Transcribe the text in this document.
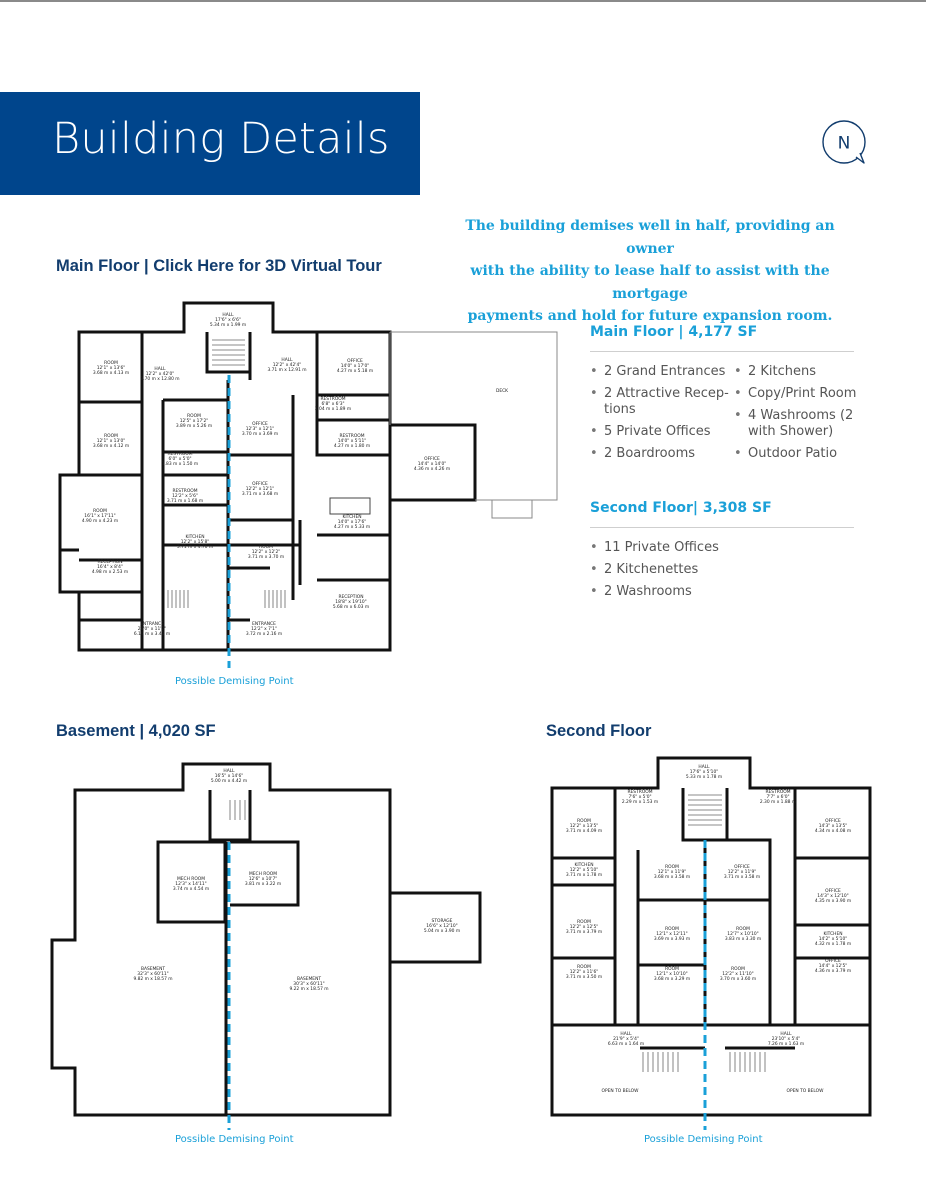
Building Details	N
The building demises well in half, providing an owner
with the ability to lease half to assist with the mortgage
payments and hold for future expansion room.
Main Floor | Click Here for 3D Virtual Tour
HALL
17'6" x 6'6"
5.34 m x 1.99 m
ROOM
12'1" x 13'6"
3.68 m x 4.13 m
HALL
12'2" x 42'0"
3.70 m x 12.80 m
HALL
12'2" x 42'4"
3.71 m x 12.91 m
OFFICE
14'0" x 17'0"
4.27 m x 5.18 m
DECK
RESTROOM
6'8" x 6'3"
2.04 m x 1.89 m
ROOM
12'1" x 13'0"
3.68 m x 4.12 m
ROOM
12'5" x 17'2"
3.89 m x 5.26 m	OFFICE
12'3" x 12'1"
3.70 m x 3.69 m	RESTROOM
14'0" x 5'11"
4.27 m x 1.80 m
OFFICE
14'4" x 14'0"
4.36 m x 4.26 m
RESTROOM
6'0" x 5'0"
1.83 m x 1.50 m
RESTROOM
12'2" x 5'6"
3.71 m x 1.68 m
OFFICE
12'2" x 12'1"
3.71 m x 3.68 m
ROOM
16'1" x 17'11"
4.90 m x 4.23 m
KITCHEN
12'2" x 15'8"
3.71 m x 4.76 m
KITCHEN
14'0" x 17'6"
4.27 m x 5.33 m
ROOM
12'2" x 12'2"
3.71 m x 3.70 m
RECEPTION
16'4" x 8'4"
4.98 m x 2.53 m
RECEPTION
18'8" x 19'10"
5.68 m x 6.03 m
ENTRANCE
20'0" x 11'2"
6.10 m x 3.41 m
ENTRANCE
12'2" x 7'1"
3.72 m x 2.16 m
Possible Demising Point
Main Floor | 4,177 SF
• 2 Grand Entrances
• 2 Attractive Recep- tions
• 5 Private Offices
• 2 Boardrooms
• 2 Kitchens
• Copy/Print Room
• 4 Washrooms (2 with Shower)
• Outdoor Patio
Second Floor| 3,308 SF
• 11 Private Offices
• 2 Kitchenettes
• 2 Washrooms
Basement | 4,020 SF
HALL
16'5" x 14'6"
5.00 m x 4.42 m
MECH ROOM
12'3" x 14'11"
3.74 m x 4.54 m
MECH ROOM
12'6" x 10'7"
3.81 m x 3.22 m
STORAGE
16'6" x 12'10"
5.04 m x 3.90 m
BASEMENT
32'3" x 60'11"
9.82 m x 18.57 m	BASEMENT
30'3" x 60'11"
9.22 m x 18.57 m
Possible Demising Point
Second Floor
HALL
17'6" x 5'10"
5.33 m x 1.78 m
RESTROOM
7'6" x 5'0"
2.29 m x 1.53 m
RESTROOM
7'7" x 6'0"
2.30 m x 1.88 m
ROOM
12'2" x 13'5"
3.71 m x 4.09 m
OFFICE
14'3" x 13'5"
4.34 m x 4.08 m
KITCHEN
12'2" x 5'10"
3.71 m x 1.78 m
ROOM
12'1" x 11'9"
3.68 m x 3.58 m
OFFICE
12'2" x 11'9"
3.71 m x 3.58 m
OFFICE
14'3" x 12'10"
4.35 m x 3.90 m
ROOM
12'2" x 12'5"
3.71 m x 3.79 m
ROOM
12'1" x 12'11"
3.69 m x 3.93 m
ROOM
12'7" x 10'10"
3.83 m x 3.30 m
KITCHEN
14'2" x 5'10"
4.32 m x 1.78 m
ROOM
12'2" x 11'6"
3.71 m x 3.50 m
ROOM
12'1" x 10'10"
3.68 m x 3.29 m
ROOM
12'2" x 11'10"
3.70 m x 3.60 m
OFFICE
14'4" x 12'5"
4.36 m x 3.79 m
HALL
21'9" x 5'4"
6.63 m x 1.64 m
HALL
23'10" x 5'4"
7.26 m x 1.63 m
OPEN TO BELOW	OPEN TO BELOW
Possible Demising Point
